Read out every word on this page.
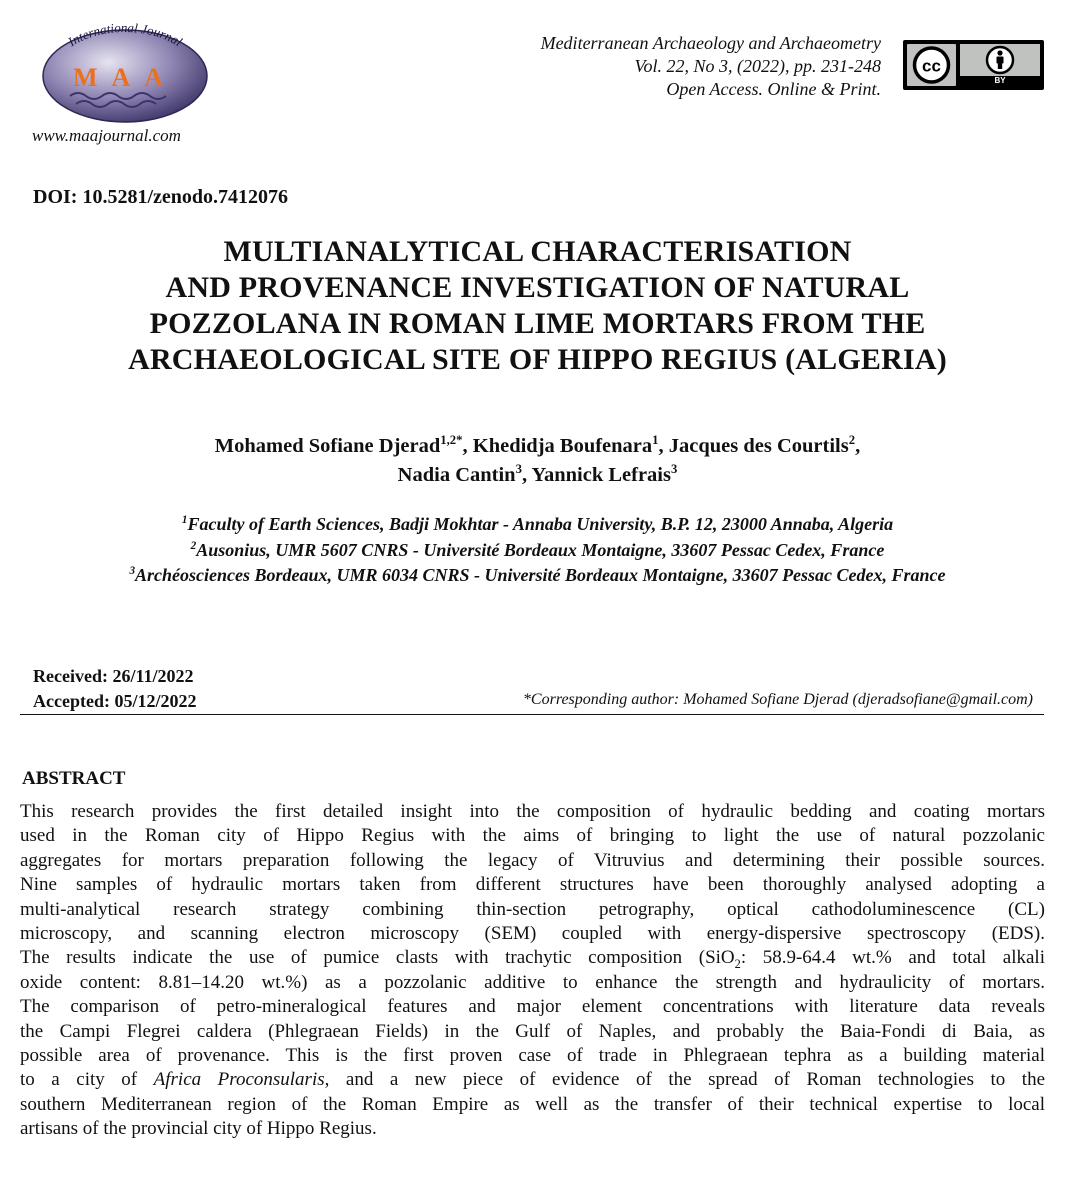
International Journal
MAA
www.maajournal.com
Mediterranean Archaeology and Archaeometry
Vol. 22, No 3, (2022), pp. 231-248
Open Access. Online & Print.
cc
BY
DOI: 10.5281/zenodo.7412076
MULTIANALYTICAL CHARACTERISATION
AND PROVENANCE INVESTIGATION OF NATURAL
POZZOLANA IN ROMAN LIME MORTARS FROM THE
ARCHAEOLOGICAL SITE OF HIPPO REGIUS (ALGERIA)
Mohamed Sofiane Djerad$^{1,2*}$, Khedidja Boufenara$^1$, Jacques des Courtils$^2$,
Nadia Cantin$^3$, Yannick Lefrais$^3$
$^1$Faculty of Earth Sciences, Badji Mokhtar - Annaba University, B.P. 12, 23000 Annaba, Algeria
$^2$Ausonius, UMR 5607 CNRS - Université Bordeaux Montaigne, 33607 Pessac Cedex, France
$^3$Archéosciences Bordeaux, UMR 6034 CNRS - Université Bordeaux Montaigne, 33607 Pessac Cedex, France
Received: 26/11/2022
Accepted: 05/12/2022	*Corresponding author: Mohamed Sofiane Djerad (djeradsofiane@gmail.com)
ABSTRACT

This research provides the first detailed insight into the composition of hydraulic bedding and coating mortars
used in the Roman city of Hippo Regius with the aims of bringing to light the use of natural pozzolanic
aggregates for mortars preparation following the legacy of Vitruvius and determining their possible sources.
Nine samples of hydraulic mortars taken from different structures have been thoroughly analysed adopting a
multi-analytical research strategy combining thin-section petrography, optical cathodoluminescence (CL)
microscopy, and scanning electron microscopy (SEM) coupled with energy-dispersive spectroscopy (EDS).
The results indicate the use of pumice clasts with trachytic composition (SiO$_2$: 58.9-64.4 wt.% and total alkali
oxide content: 8.81–14.20 wt.%) as a pozzolanic additive to enhance the strength and hydraulicity of mortars.
The comparison of petro-mineralogical features and major element concentrations with literature data reveals
the Campi Flegrei caldera (Phlegraean Fields) in the Gulf of Naples, and probably the Baia-Fondi di Baia, as
possible area of provenance. This is the first proven case of trade in Phlegraean tephra as a building material
to a city of Africa Proconsularis, and a new piece of evidence of the spread of Roman technologies to the
southern Mediterranean region of the Roman Empire as well as the transfer of their technical expertise to local
artisans of the provincial city of Hippo Regius.
